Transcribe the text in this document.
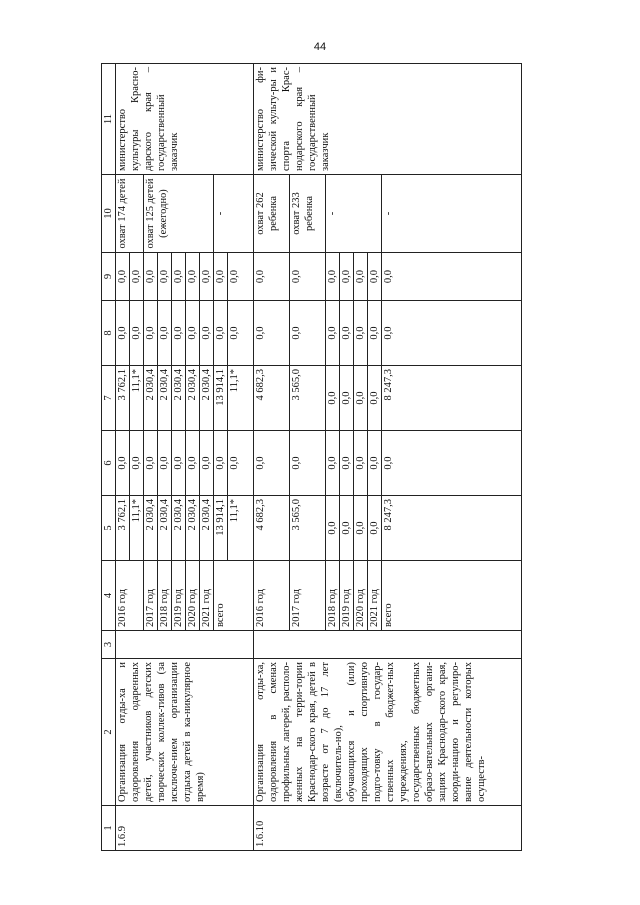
44
1	2	3	4	5	6	7	8	9	10	11
1.6.9	Организация отды-ха и оздоровления одаренных детей, участников детских творческих коллек-тивов (за исключе-нием организации отдыха детей в ка-никулярное время)		2016 год	3 762,1	0,0	3 762,1	0,0	0,0	охват 174 детей	министерство культуры Красно-дарского края – государственный заказчик
				11,1*	0,0	11,1*	0,0	0,0		
			2017 год	2 030,4	0,0	2 030,4	0,0	0,0	охват 125 детей (ежегодно)	
			2018 год	2 030,4	0,0	2 030,4	0,0	0,0		
			2019 год	2 030,4	0,0	2 030,4	0,0	0,0		
			2020 год	2 030,4	0,0	2 030,4	0,0	0,0		
			2021 год	2 030,4	0,0	2 030,4	0,0	0,0		
			всего	13 914,1	0,0	13 914,1	0,0	0,0	-	
				11,1*	0,0	11,1*	0,0	0,0		
1.6.10	Организация отды-ха, оздоровления в сменах профильных лагерей, располо-женных на терри-тории Краснодар-ского края, детей в возрасте от 7 до 17 лет (включитель-но), обучающихся и (или) проходящих спортивную подго-товку в государ-ственных бюджет-ных учреждениях, государственных бюджетных образо-вательных органи-зациях Краснодар-ского края, коорди-нацию и регулиро-вание деятельности которых осуществ-		2016 год	4 682,3	0,0	4 682,3	0,0	0,0	охват 262 ребенка	министерство фи-зической культу-ры и спорта Крас-нодарского края – государственный заказчик
			2017 год	3 565,0	0,0	3 565,0	0,0	0,0	охват 233 ребенка	
			2018 год	0,0	0,0	0,0	0,0	0,0	-	
			2019 год	0,0	0,0	0,0	0,0	0,0		
			2020 год	0,0	0,0	0,0	0,0	0,0		
			2021 год	0,0	0,0	0,0	0,0	0,0		
			всего	8 247,3	0,0	8 247,3	0,0	0,0	-	
